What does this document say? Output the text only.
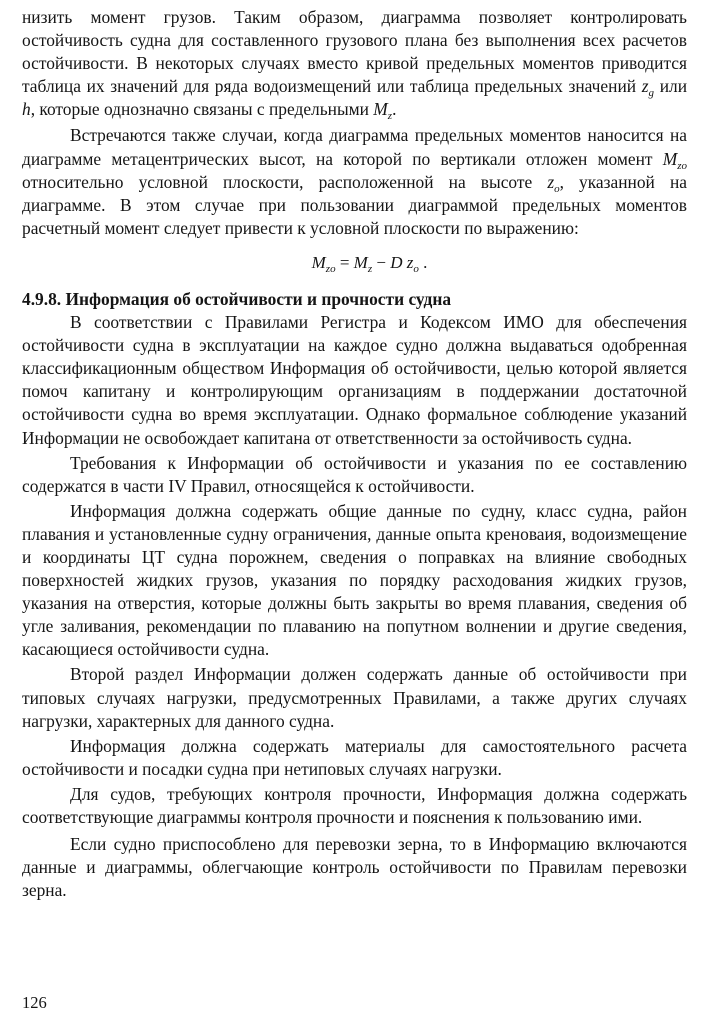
низить момент грузов. Таким образом, диаграмма позволяет контролировать остойчивость судна для составленного грузового плана без выполнения всех расчетов остойчивости. В некоторых случаях вместо кривой предельных моментов приводится таблица их значений для ряда водоизмещений или таблица предельных значений $z_g$ или h, которые однозначно связаны с предельными $M_z$.

Встречаются также случаи, когда диаграмма предельных моментов наносится на диаграмме метацентрических высот, на которой по вертикали отложен момент $M_{zo}$ относительно условной плоскости, расположенной на высоте $z_o$, указанной на диаграмме. В этом случае при пользовании диаграммой предельных моментов расчетный момент следует привести к условной плоскости по выражению:

$M_{zo} = M_z - D$ $z_o$ .
4.9.8. Информация об остойчивости и прочности судна

В соответствии с Правилами Регистра и Кодексом ИМО для обеспечения остойчивости судна в эксплуатации на каждое судно должна выдаваться одобренная классификационным обществом Информация об остойчивости, целью которой является помоч капитану и контролирующим организациям в поддержании достаточной остойчивости судна во время эксплуатации. Однако формальное соблюдение указаний Информации не освобождает капитана от ответственности за остойчивость судна.

Требования к Информации об остойчивости и указания по ее составлению содержатся в части IV Правил, относящейся к остойчивости.

Информация должна содержать общие данные по судну, класс судна, район плавания и установленные судну ограничения, данные опыта креноваия, водоизмещение и координаты ЦТ судна порожнем, сведения о поправках на влияние свободных поверхностей жидких грузов, указания по порядку расходования жидких грузов, указания на отверстия, которые должны быть закрыты во время плавания, сведения об угле заливания, рекомендации по плаванию на попутном волнении и другие сведения, касающиеся остойчивости судна.

Второй раздел Информации должен содержать данные об остойчивости при типовых случаях нагрузки, предусмотренных Правилами, а также других случаях нагрузки, характерных для данного судна.

Информация должна содержать материалы для самостоятельного расчета остойчивости и посадки судна при нетиповых случаях нагрузки.

Для судов, требующих контроля прочности, Информация должна содержать соответствующие диаграммы контроля прочности и пояснения к пользованию ими.

Если судно приспособлено для перевозки зерна, то в Информацию включаются данные и диаграммы, облегчающие контроль остойчивости по Правилам перевозки зерна.

126
